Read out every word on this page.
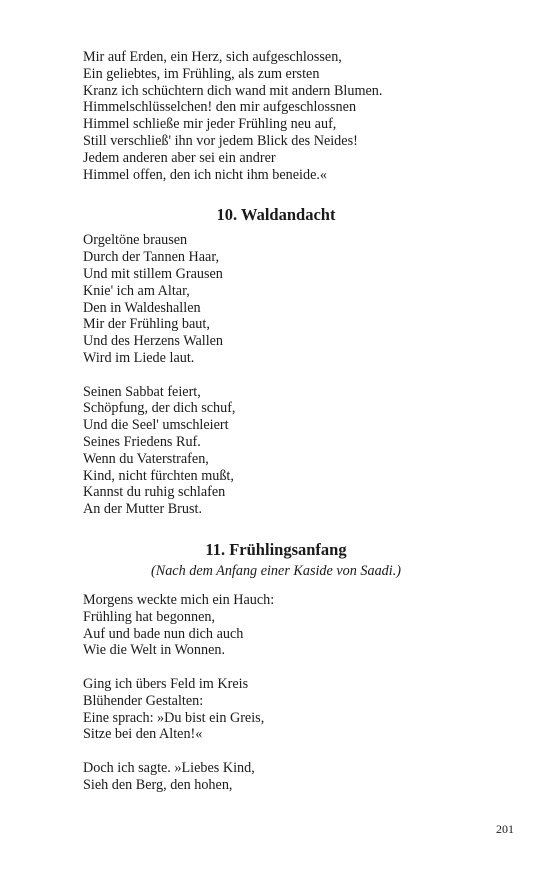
Mir auf Erden, ein Herz, sich aufgeschlossen,
Ein geliebtes, im Frühling, als zum ersten
Kranz ich schüchtern dich wand mit andern Blumen.
Himmelschlüsselchen! den mir aufgeschlossnen
Himmel schließe mir jeder Frühling neu auf,
Still verschließ' ihn vor jedem Blick des Neides!
Jedem anderen aber sei ein andrer
Himmel offen, den ich nicht ihm beneide.«
10. Waldandacht
Orgeltöne brausen
Durch der Tannen Haar,
Und mit stillem Grausen
Knie' ich am Altar,
Den in Waldeshallen
Mir der Frühling baut,
Und des Herzens Wallen
Wird im Liede laut.
Seinen Sabbat feiert,
Schöpfung, der dich schuf,
Und die Seel' umschleiert
Seines Friedens Ruf.
Wenn du Vaterstrafen,
Kind, nicht fürchten mußt,
Kannst du ruhig schlafen
An der Mutter Brust.
11. Frühlingsanfang
(Nach dem Anfang einer Kaside von Saadi.)
Morgens weckte mich ein Hauch:
Frühling hat begonnen,
Auf und bade nun dich auch
Wie die Welt in Wonnen.
Ging ich übers Feld im Kreis
Blühender Gestalten:
Eine sprach: »Du bist ein Greis,
Sitze bei den Alten!«
Doch ich sagte. »Liebes Kind,
Sieh den Berg, den hohen,
201
